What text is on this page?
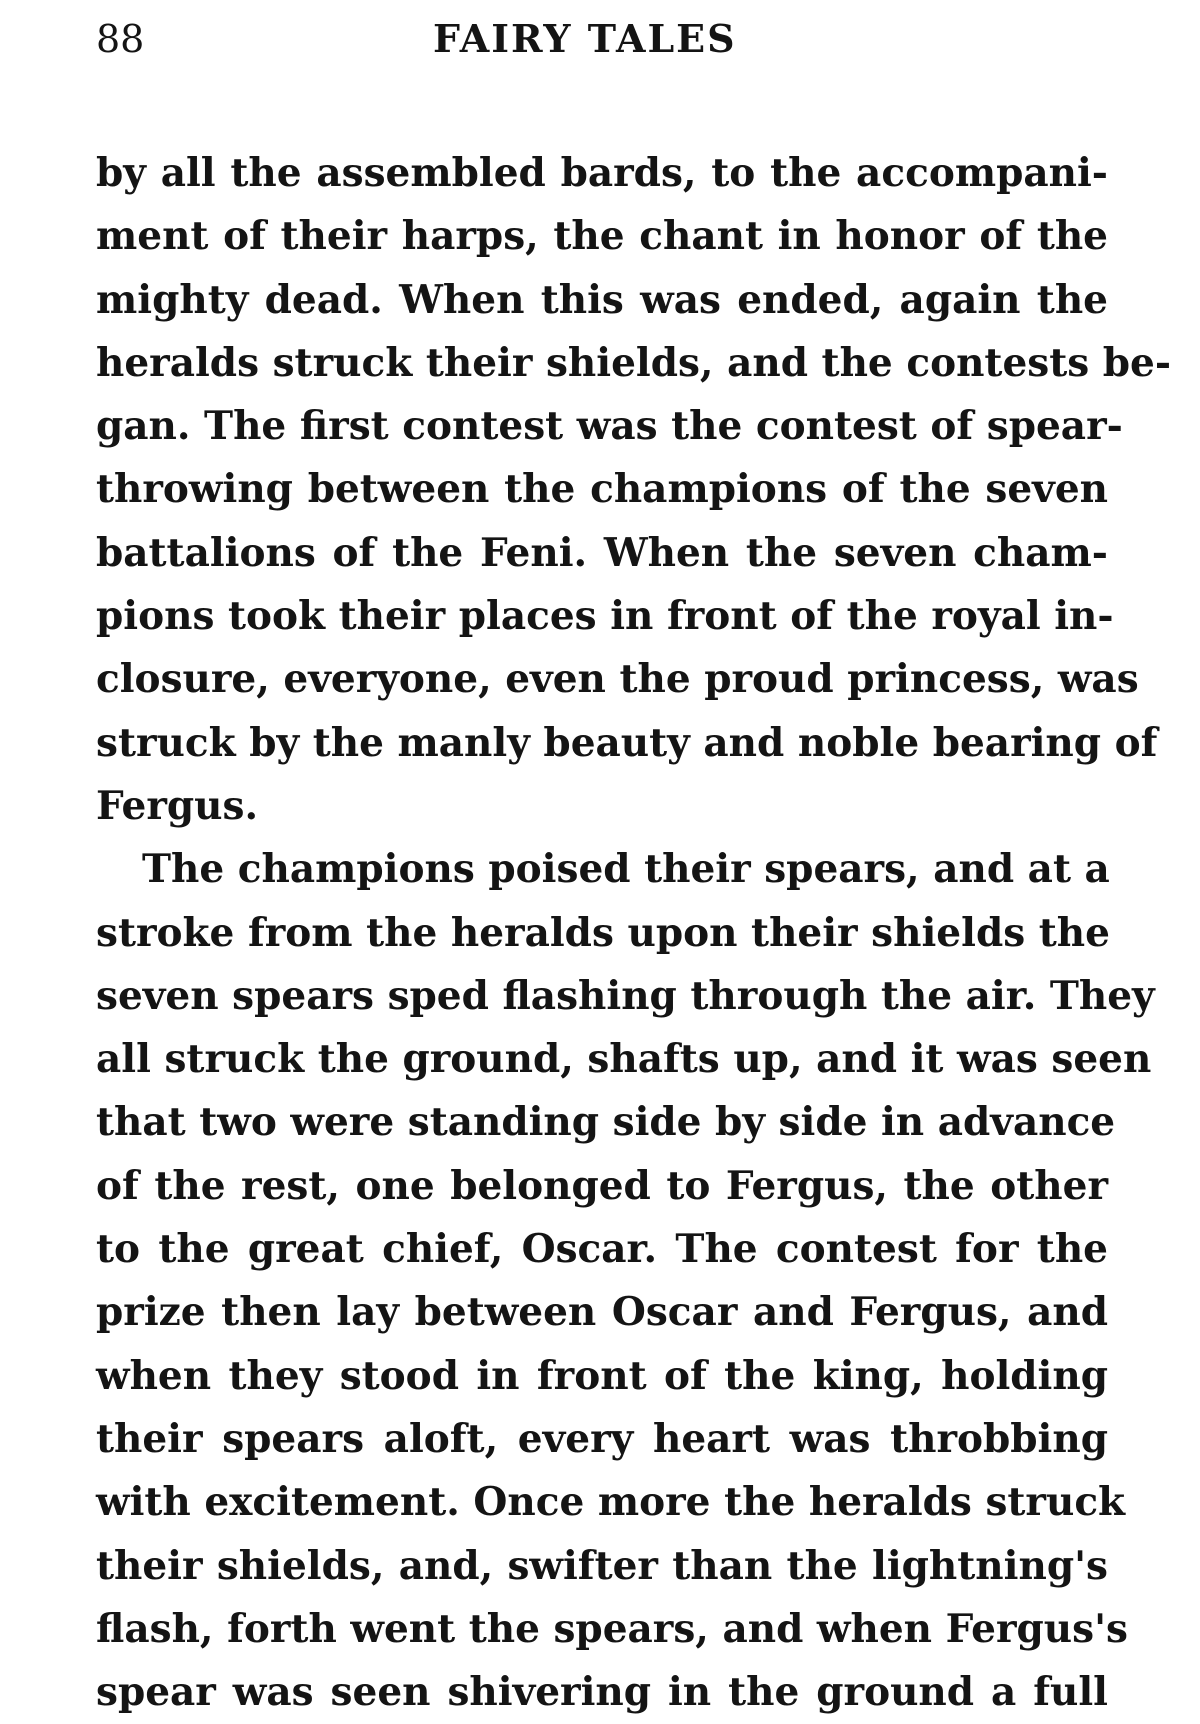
88	FAIRY TALES
by all the assembled bards, to the accompani-
ment of their harps, the chant in honor of the
mighty dead. When this was ended, again the
heralds struck their shields, and the contests be-
gan. The first contest was the contest of spear-
throwing between the champions of the seven
battalions of the Feni. When the seven cham-
pions took their places in front of the royal in-
closure, everyone, even the proud princess, was
struck by the manly beauty and noble bearing of
Fergus.
The champions poised their spears, and at a
stroke from the heralds upon their shields the
seven spears sped flashing through the air. They
all struck the ground, shafts up, and it was seen
that two were standing side by side in advance
of the rest, one belonged to Fergus, the other
to the great chief, Oscar. The contest for the
prize then lay between Oscar and Fergus, and
when they stood in front of the king, holding
their spears aloft, every heart was throbbing
with excitement. Once more the heralds struck
their shields, and, swifter than the lightning's
flash, forth went the spears, and when Fergus's
spear was seen shivering in the ground a full
